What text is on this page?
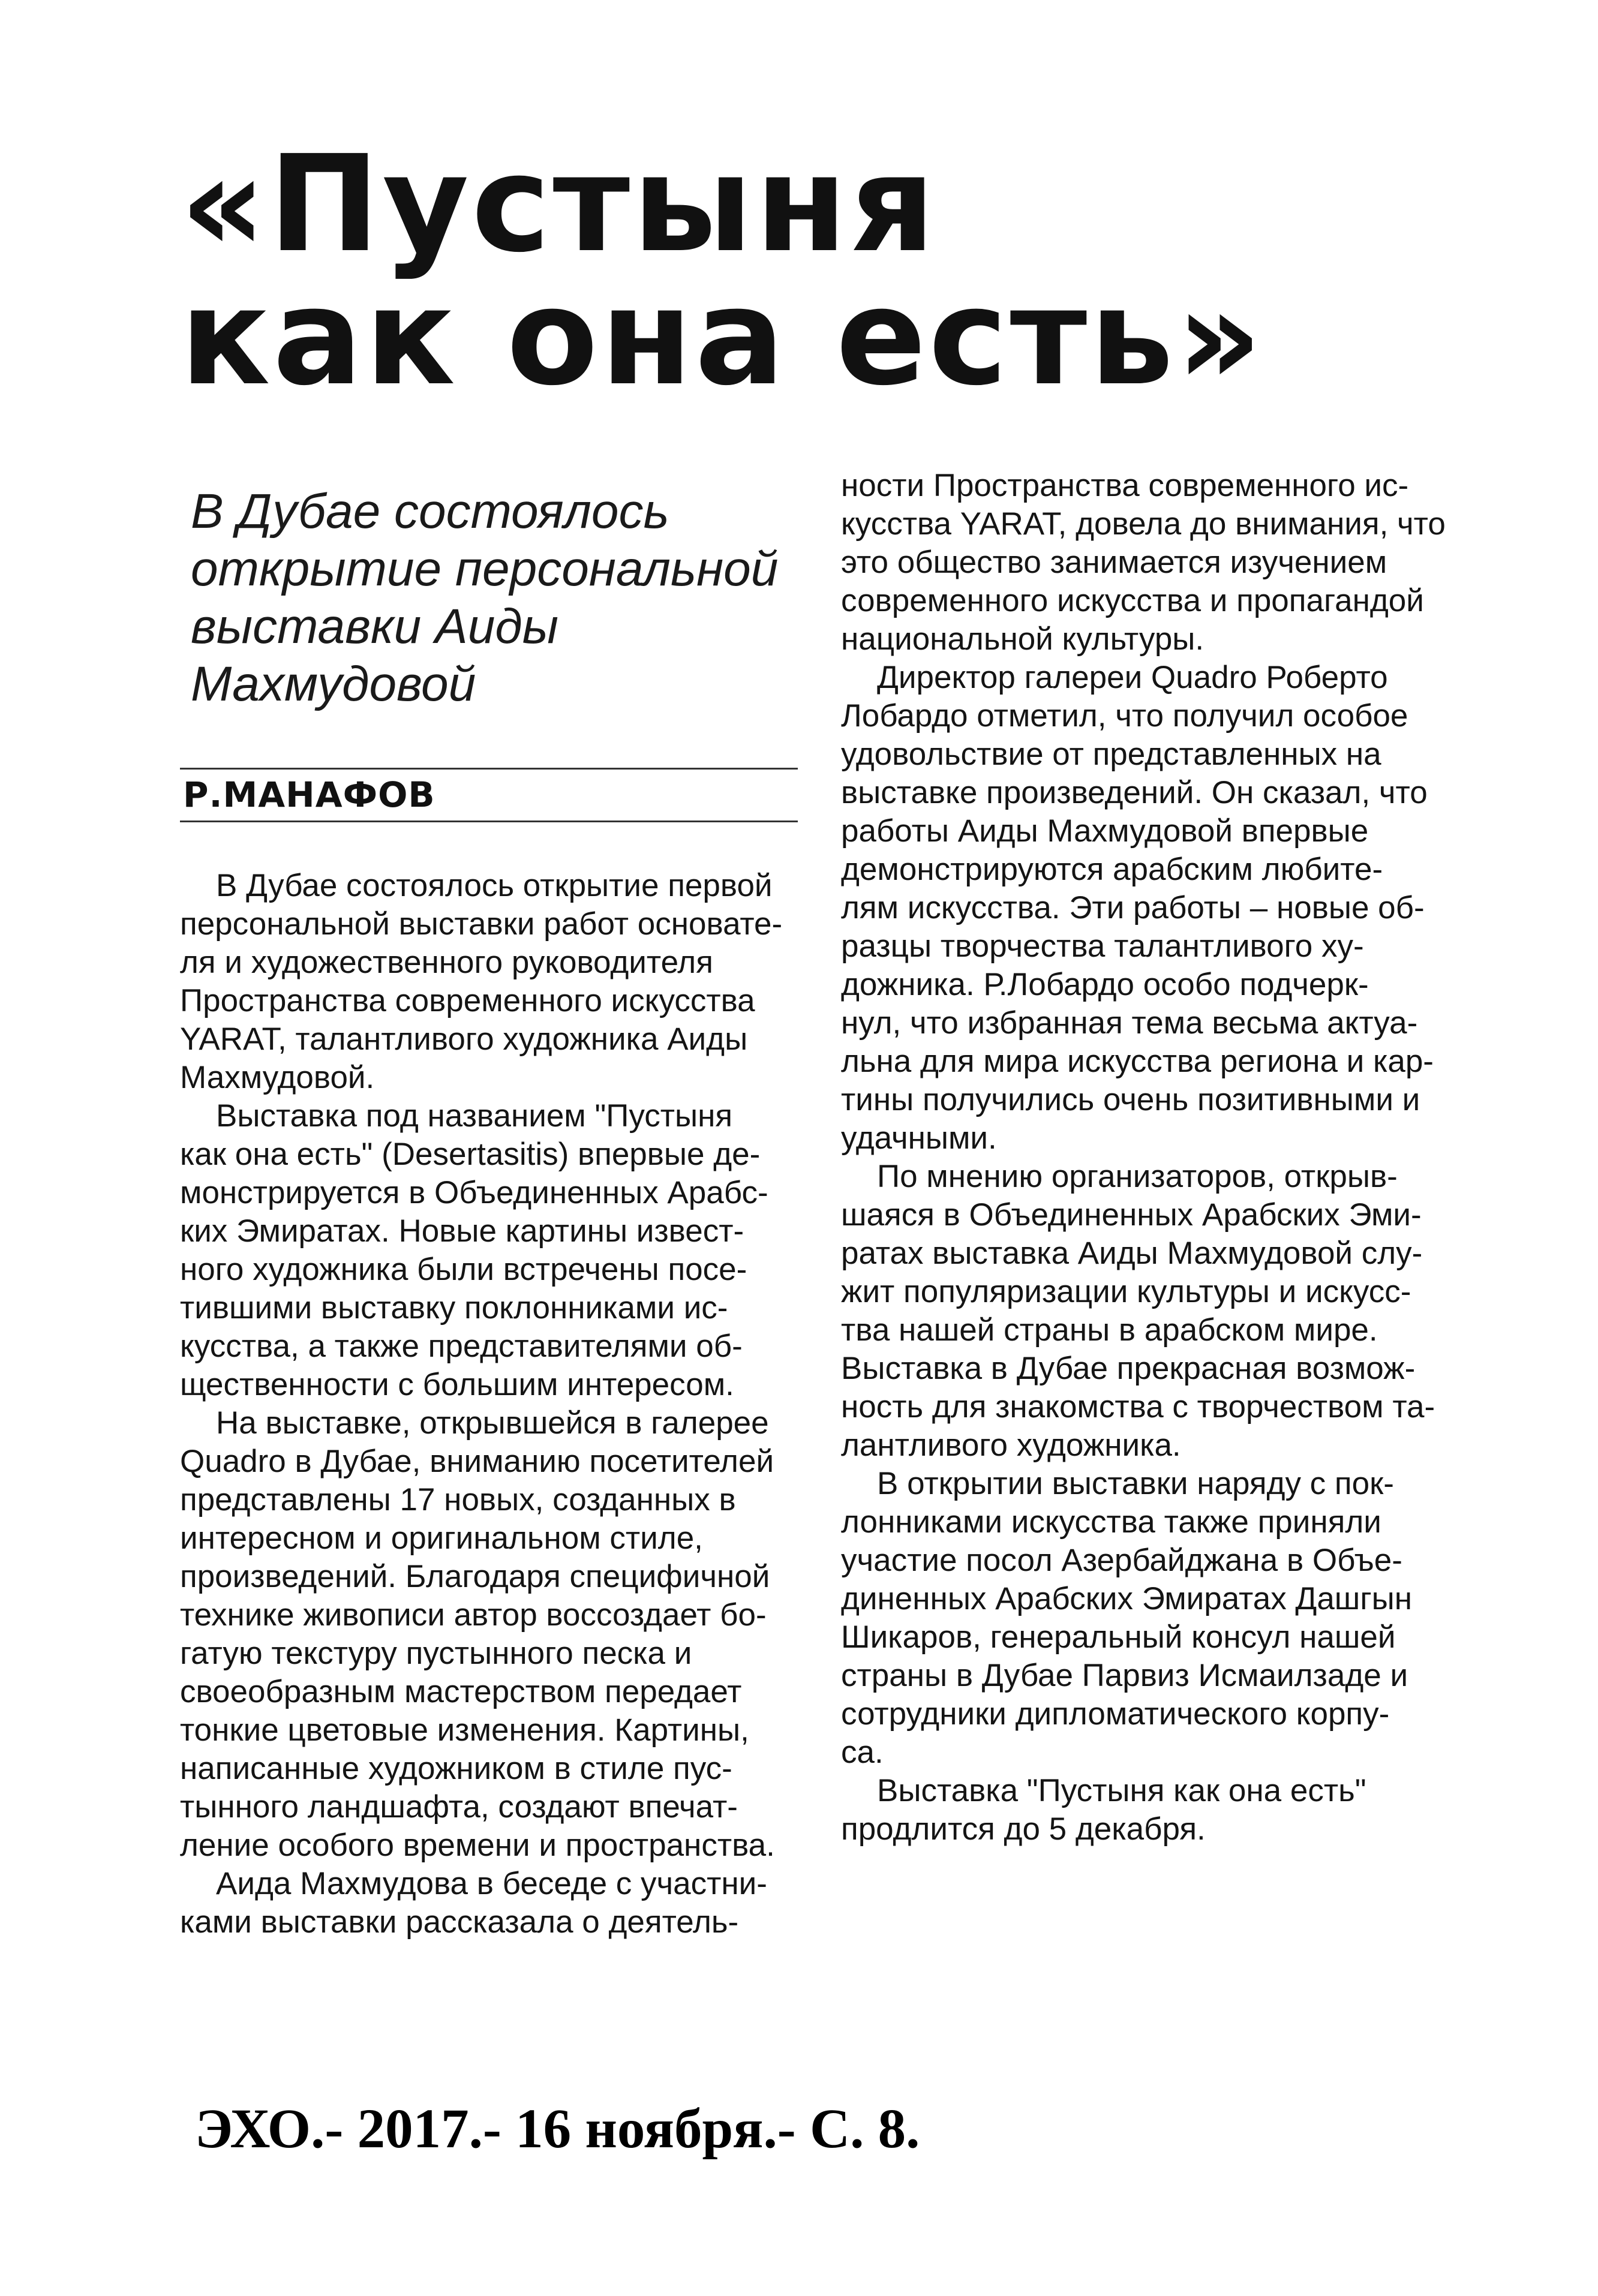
«Пустыня
как она есть»
В Дубае состоялось
открытие персональной
выставки Аиды
Махмудовой
Р.МАНАФОВ
В Дубае состоялось открытие первой
персональной выставки работ основате-
ля и художественного руководителя
Пространства современного искусства
YARAT, талантливого художника Аиды
Махмудовой.
Выставка под названием "Пустыня
как она есть" (Desertasitis) впервые де-
монстрируется в Объединенных Арабс-
ких Эмиратах. Новые картины извест-
ного художника были встречены посе-
тившими выставку поклонниками ис-
кусства, а также представителями об-
щественности с большим интересом.
На выставке, открывшейся в галерее
Quadro в Дубае, вниманию посетителей
представлены 17 новых, созданных в
интересном и оригинальном стиле,
произведений. Благодаря специфичной
технике живописи автор воссоздает бо-
гатую текстуру пустынного песка и
своеобразным мастерством передает
тонкие цветовые изменения. Картины,
написанные художником в стиле пус-
тынного ландшафта, создают впечат-
ление особого времени и пространства.
Аида Махмудова в беседе с участни-
ками выставки рассказала о деятель-
ности Пространства современного ис-
кусства YARAT, довела до внимания, что
это общество занимается изучением
современного искусства и пропагандой
национальной культуры.
Директор галереи Quadro Роберто
Лобардо отметил, что получил особое
удовольствие от представленных на
выставке произведений. Он сказал, что
работы Аиды Махмудовой впервые
демонстрируются арабским любите-
лям искусства. Эти работы – новые об-
разцы творчества талантливого ху-
дожника. Р.Лобардо особо подчерк-
нул, что избранная тема весьма актуа-
льна для мира искусства региона и кар-
тины получились очень позитивными и
удачными.
По мнению организаторов, открыв-
шаяся в Объединенных Арабских Эми-
ратах выставка Аиды Махмудовой слу-
жит популяризации культуры и искусс-
тва нашей страны в арабском мире.
Выставка в Дубае прекрасная возмож-
ность для знакомства с творчеством та-
лантливого художника.
В открытии выставки наряду с пок-
лонниками искусства также приняли
участие посол Азербайджана в Объе-
диненных Арабских Эмиратах Дашгын
Шикаров, генеральный консул нашей
страны в Дубае Парвиз Исмаилзаде и
сотрудники дипломатического корпу-
са.
Выставка "Пустыня как она есть"
продлится до 5 декабря.
ЭХО.- 2017.- 16 ноября.- С. 8.
